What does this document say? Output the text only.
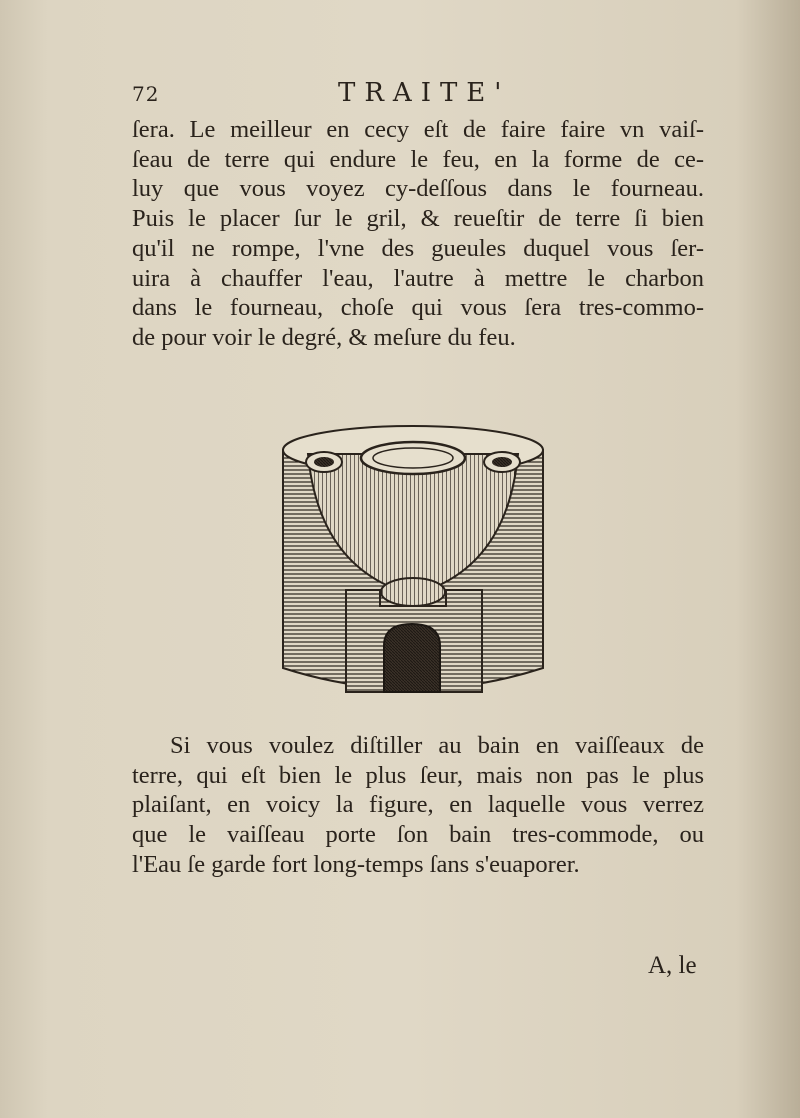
72	TRAITE'
ſera. Le meilleur en cecy eſt de faire faire vn vaiſ-
ſeau de terre qui endure le feu, en la forme de ce-
luy que vous voyez cy-deſſous dans le fourneau.
Puis le placer ſur le gril, & reueſtir de terre ſi bien
qu'il ne rompe, l'vne des gueules duquel vous ſer-
uira à chauffer l'eau, l'autre à mettre le charbon
dans le fourneau, choſe qui vous ſera tres-commo-
de pour voir le degré, & meſure du feu.
Si vous voulez diſtiller au bain en vaiſſeaux de
terre, qui eſt bien le plus ſeur, mais non pas le plus
plaiſant, en voicy la figure, en laquelle vous verrez
que le vaiſſeau porte ſon bain tres-commode, ou
l'Eau ſe garde fort long-temps ſans s'euaporer.
A, le
